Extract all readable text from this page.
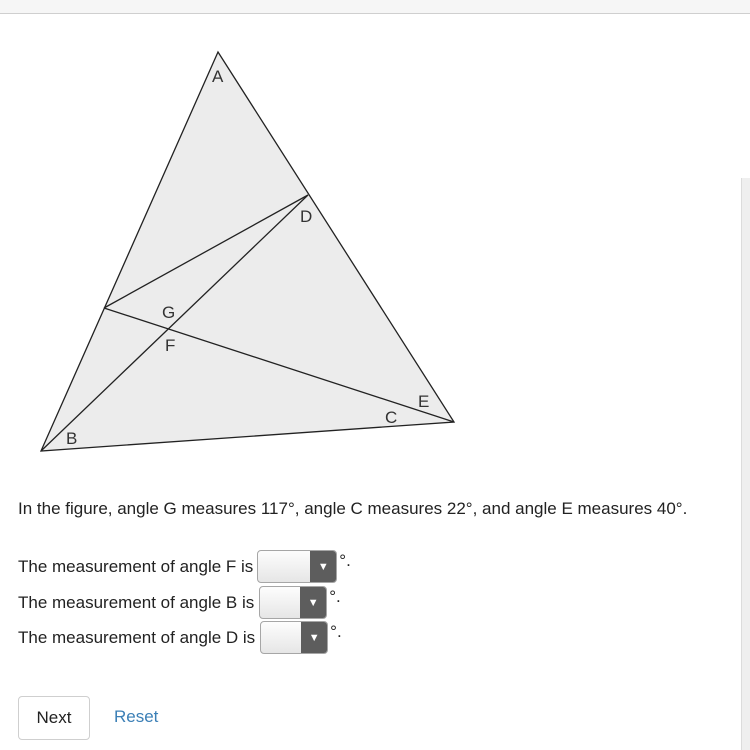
A
D
G
F
E
C
B
In the figure, angle G measures 117°, angle C measures 22°, and angle E measures 40°.
The measurement of angle F is	▼ °.
The measurement of angle B is	▼ °.
The measurement of angle D is	▼ °.
Next	Reset
